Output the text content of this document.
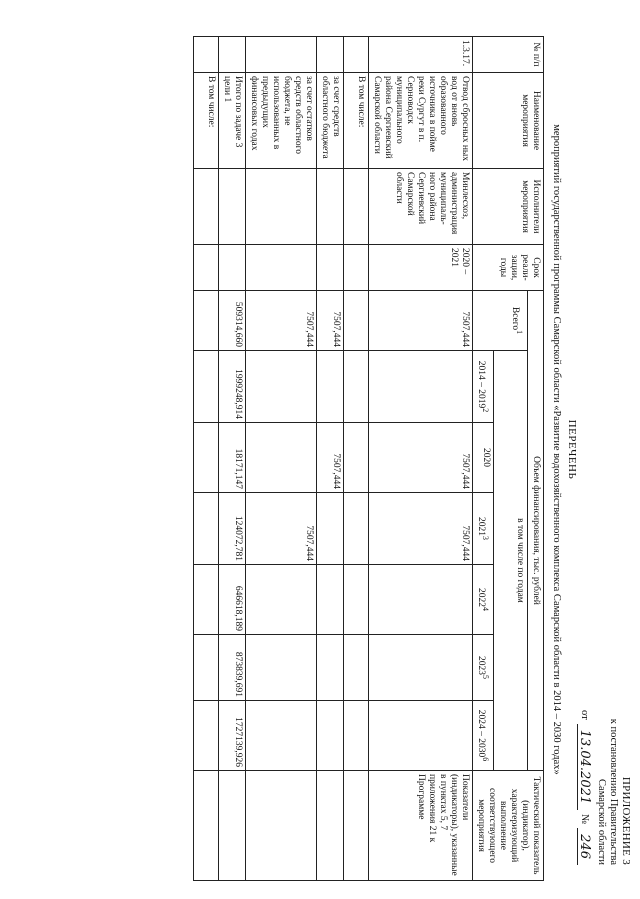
ПРИЛОЖЕНИЕ 3
к постановлению Правительства
Самарской области
от
13.04.2021
№
246
ПЕРЕЧЕНЬ
мероприятий государственной программы Самарской области «Развитие водохозяйственного комплекса Самарской области в 2014 – 2030 годах»
№ п/п	Наименование мероприятия	Исполнители мероприятия	Срок реали-зации, годы	Объем финансирования, тыс. рублей							Тактический показатель (индикатор), характеризующий выполнение соответствующего мероприятия
				Всего$^1$	в том числе по годам						
					2014 – 2019$^2$	2020	2021$^3$	2022$^4$	2023$^5$	2024 – 2030$^6$
1.3.17.	Отвод сбросных ных вод от вновь образованного источника в пойме реки Сургут в п. Серноводск муниципального района Сергиевский Самарской области	Минлесхоз, администрация муниципаль-ного района Сергиевский Самарской области	2020 – 2021	7507,444		7507,444	7507,444				Показатели (индикаторы), указанные в пунктах 5, 7 приложения 21 к Программе
	В том числе:										
	за счет средств областного бюджета			7507,444		7507,444					
	за счет остатков средств областного бюджета, не использованных в предыдущих финансовых годах			7507,444			7507,444				
	Итого по задаче 3 цели 1			509314,660	1999248,914	18171,147	124072,781	646618,189	873839,691	1727139,926	
	В том числе:										
